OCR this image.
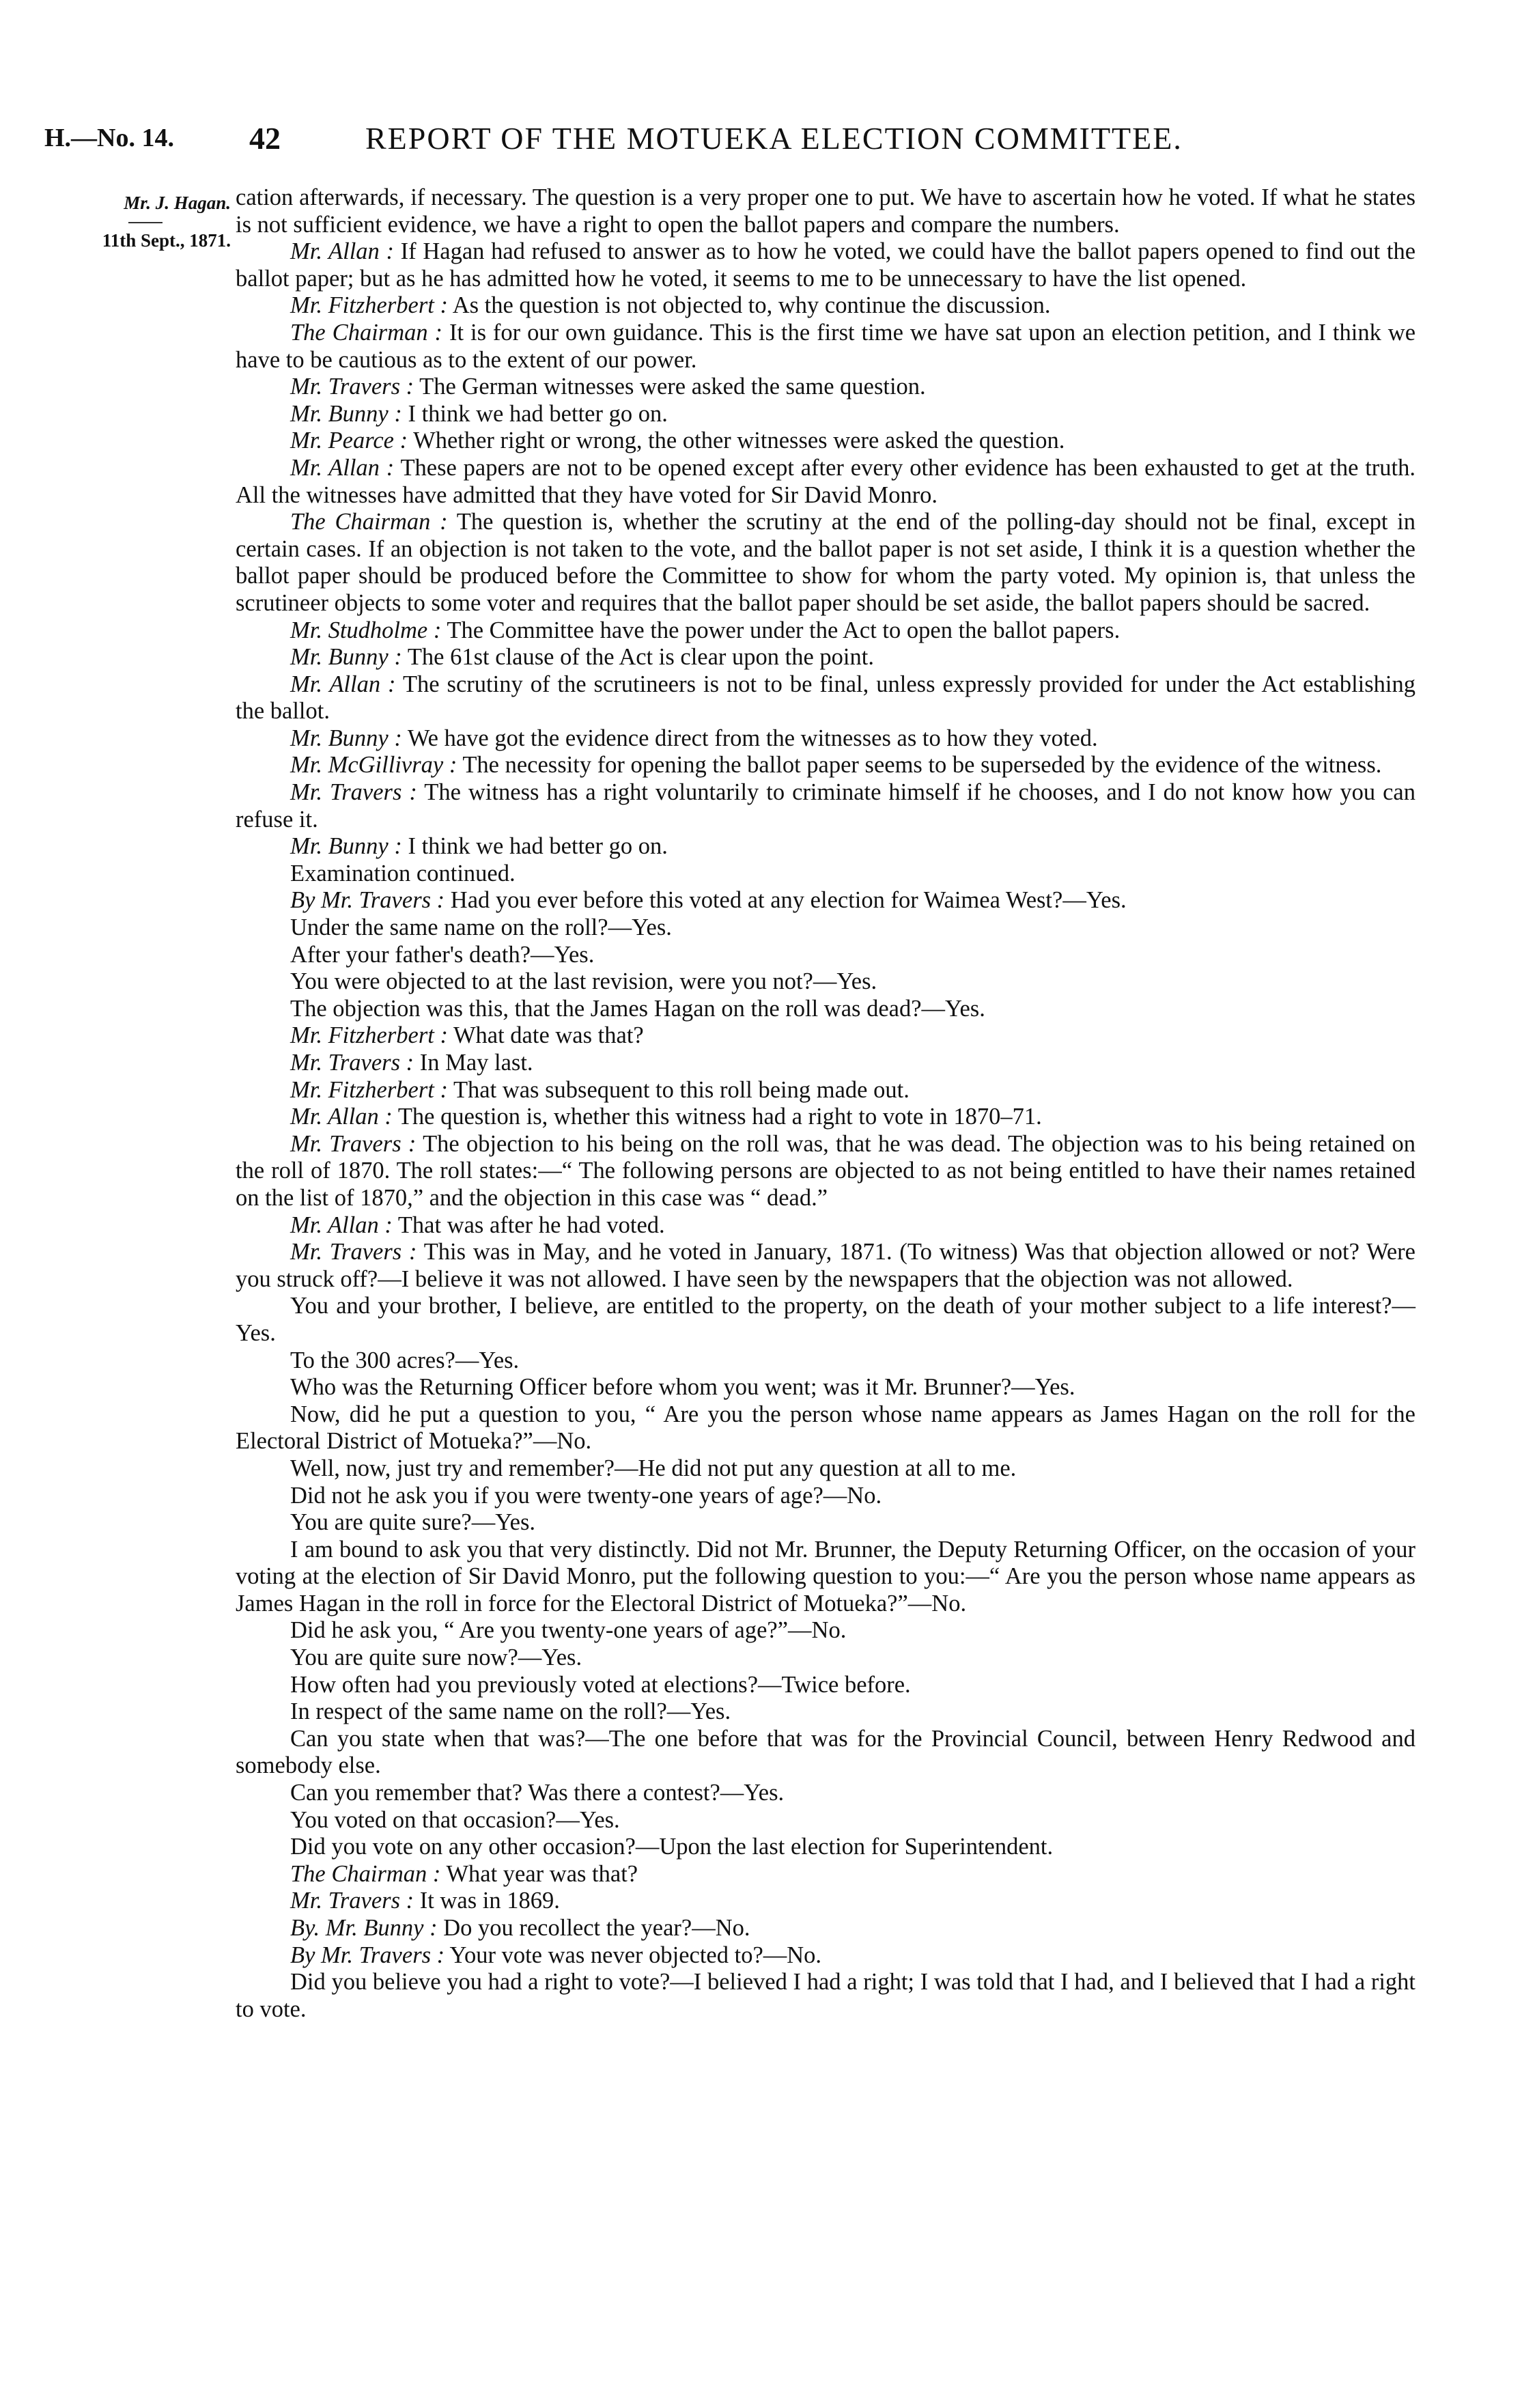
H.—No. 14. 42	REPORT OF THE MOTUEKA ELECTION COMMITTEE.
Mr. J. Hagan.
11th Sept., 1871.

cation afterwards, if necessary. The question is a very proper one to put. We have to ascertain how he voted. If what he states is not sufficient evidence, we have a right to open the ballot papers and compare the numbers.

Mr. Allan : If Hagan had refused to answer as to how he voted, we could have the ballot papers opened to find out the ballot paper; but as he has admitted how he voted, it seems to me to be unnecessary to have the list opened.

Mr. Fitzherbert : As the question is not objected to, why continue the discussion.

The Chairman : It is for our own guidance. This is the first time we have sat upon an election petition, and I think we have to be cautious as to the extent of our power.

Mr. Travers : The German witnesses were asked the same question.

Mr. Bunny : I think we had better go on.

Mr. Pearce : Whether right or wrong, the other witnesses were asked the question.

Mr. Allan : These papers are not to be opened except after every other evidence has been exhausted to get at the truth. All the witnesses have admitted that they have voted for Sir David Monro.

The Chairman : The question is, whether the scrutiny at the end of the polling-day should not be final, except in certain cases. If an objection is not taken to the vote, and the ballot paper is not set aside, I think it is a question whether the ballot paper should be produced before the Committee to show for whom the party voted. My opinion is, that unless the scrutineer objects to some voter and requires that the ballot paper should be set aside, the ballot papers should be sacred.

Mr. Studholme : The Committee have the power under the Act to open the ballot papers.

Mr. Bunny : The 61st clause of the Act is clear upon the point.

Mr. Allan : The scrutiny of the scrutineers is not to be final, unless expressly provided for under the Act establishing the ballot.

Mr. Bunny : We have got the evidence direct from the witnesses as to how they voted.

Mr. McGillivray : The necessity for opening the ballot paper seems to be superseded by the evidence of the witness.

Mr. Travers : The witness has a right voluntarily to criminate himself if he chooses, and I do not know how you can refuse it.

Mr. Bunny : I think we had better go on.

Examination continued.

By Mr. Travers : Had you ever before this voted at any election for Waimea West?—Yes.

Under the same name on the roll?—Yes.

After your father's death?—Yes.

You were objected to at the last revision, were you not?—Yes.

The objection was this, that the James Hagan on the roll was dead?—Yes.

Mr. Fitzherbert : What date was that?

Mr. Travers : In May last.

Mr. Fitzherbert : That was subsequent to this roll being made out.

Mr. Allan : The question is, whether this witness had a right to vote in 1870–71.

Mr. Travers : The objection to his being on the roll was, that he was dead. The objection was to his being retained on the roll of 1870. The roll states:—“ The following persons are objected to as not being entitled to have their names retained on the list of 1870,” and the objection in this case was “ dead.”

Mr. Allan : That was after he had voted.

Mr. Travers : This was in May, and he voted in January, 1871. (To witness) Was that objection allowed or not? Were you struck off?—I believe it was not allowed. I have seen by the newspapers that the objection was not allowed.

You and your brother, I believe, are entitled to the property, on the death of your mother subject to a life interest?—Yes.

To the 300 acres?—Yes.

Who was the Returning Officer before whom you went; was it Mr. Brunner?—Yes.

Now, did he put a question to you, “ Are you the person whose name appears as James Hagan on the roll for the Electoral District of Motueka?”—No.

Well, now, just try and remember?—He did not put any question at all to me.

Did not he ask you if you were twenty-one years of age?—No.

You are quite sure?—Yes.

I am bound to ask you that very distinctly. Did not Mr. Brunner, the Deputy Returning Officer, on the occasion of your voting at the election of Sir David Monro, put the following question to you:—“ Are you the person whose name appears as James Hagan in the roll in force for the Electoral District of Motueka?”—No.

Did he ask you, “ Are you twenty-one years of age?”—No.

You are quite sure now?—Yes.

How often had you previously voted at elections?—Twice before.

In respect of the same name on the roll?—Yes.

Can you state when that was?—The one before that was for the Provincial Council, between Henry Redwood and somebody else.

Can you remember that? Was there a contest?—Yes.

You voted on that occasion?—Yes.

Did you vote on any other occasion?—Upon the last election for Superintendent.

The Chairman : What year was that?

Mr. Travers : It was in 1869.

By. Mr. Bunny : Do you recollect the year?—No.

By Mr. Travers : Your vote was never objected to?—No.

Did you believe you had a right to vote?—I believed I had a right; I was told that I had, and I believed that I had a right to vote.
